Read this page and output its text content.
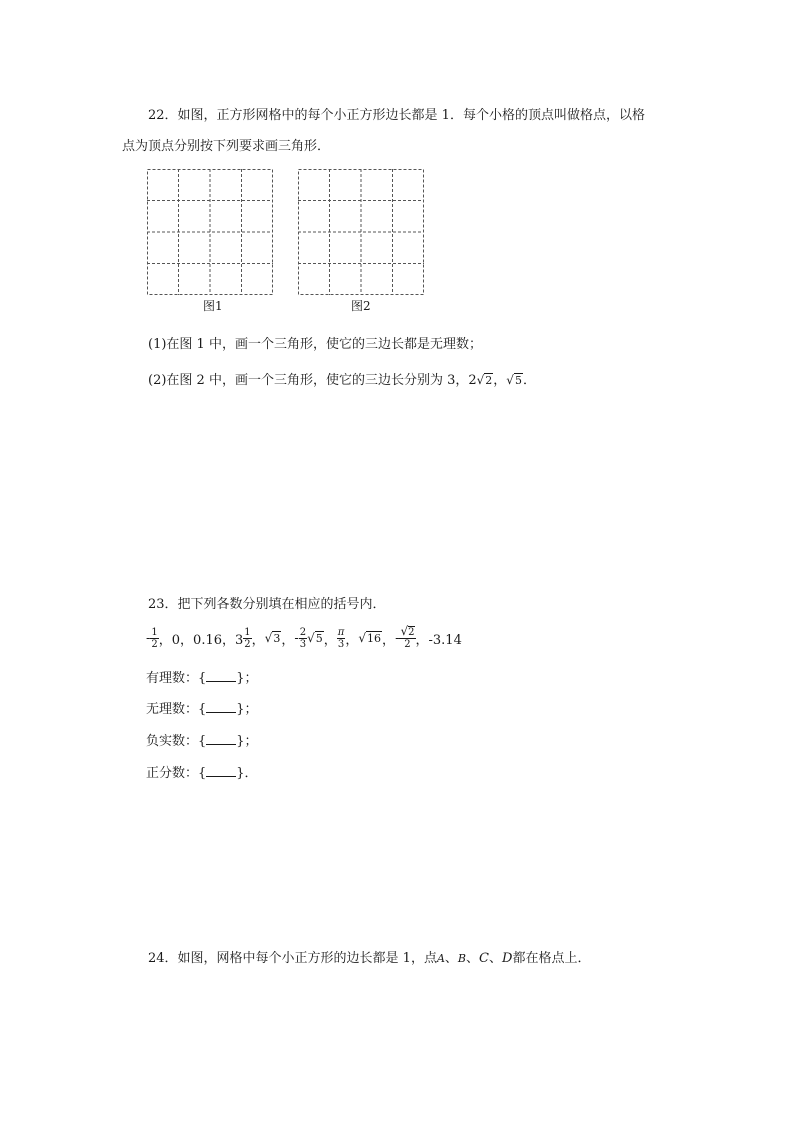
22．如图，正方形网格中的每个小正方形边长都是 1．每个小格的顶点叫做格点，以格
点为顶点分别按下列要求画三角形．
图1	图2
(1)在图 1 中，画一个三角形，使它的三边长都是无理数；
(2)在图 2 中，画一个三角形，使它的三边长分别为 3，2√2，√5．
23．把下列各数分别填在相应的括号内．
- $\frac{1}{2}$ ，0，0.16，$3 \frac{1}{2}$ ， √3 ， - $\frac{2}{3} √5$ ， $\frac{\pi}{3}$ ， √16 ， - $\frac{√2}{2}$ ，-3.14
有理数：{ }；
无理数：{ }；
负实数：{ }；
正分数：{ }．
24．如图，网格中每个小正方形的边长都是 1，点A、B、C、D都在格点上．
